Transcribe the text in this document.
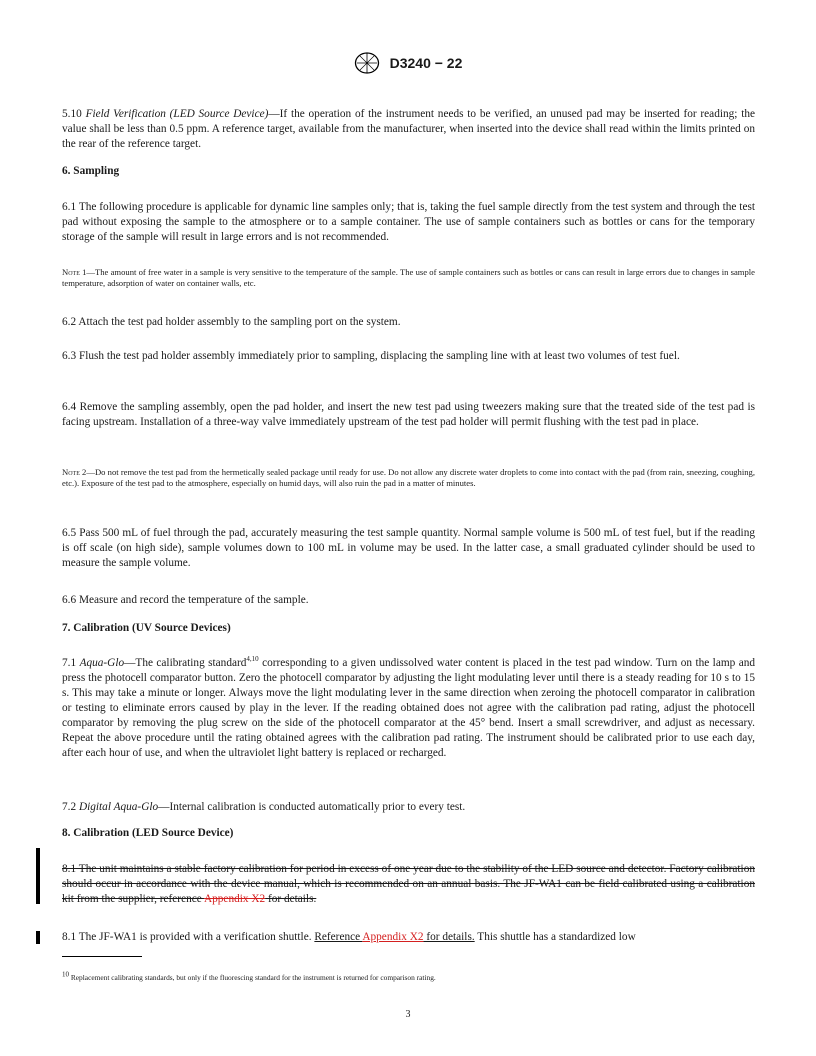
D3240 − 22

5.10 Field Verification (LED Source Device)—If the operation of the instrument needs to be verified, an unused pad may be inserted for reading; the value shall be less than 0.5 ppm. A reference target, available from the manufacturer, when inserted into the device shall read within the limits printed on the rear of the reference target.

6. Sampling

6.1 The following procedure is applicable for dynamic line samples only; that is, taking the fuel sample directly from the test system and through the test pad without exposing the sample to the atmosphere or to a sample container. The use of sample containers such as bottles or cans for the temporary storage of the sample will result in large errors and is not recommended.

Note 1—The amount of free water in a sample is very sensitive to the temperature of the sample. The use of sample containers such as bottles or cans can result in large errors due to changes in sample temperature, adsorption of water on container walls, etc.

6.2 Attach the test pad holder assembly to the sampling port on the system.

6.3 Flush the test pad holder assembly immediately prior to sampling, displacing the sampling line with at least two volumes of test fuel.

6.4 Remove the sampling assembly, open the pad holder, and insert the new test pad using tweezers making sure that the treated side of the test pad is facing upstream. Installation of a three-way valve immediately upstream of the test pad holder will permit flushing with the test pad in place.

Note 2—Do not remove the test pad from the hermetically sealed package until ready for use. Do not allow any discrete water droplets to come into contact with the pad (from rain, sneezing, coughing, etc.). Exposure of the test pad to the atmosphere, especially on humid days, will also ruin the pad in a matter of minutes.

6.5 Pass 500 mL of fuel through the pad, accurately measuring the test sample quantity. Normal sample volume is 500 mL of test fuel, but if the reading is off scale (on high side), sample volumes down to 100 mL in volume may be used. In the latter case, a small graduated cylinder should be used to measure the sample volume.

6.6 Measure and record the temperature of the sample.

7. Calibration (UV Source Devices)

7.1 Aqua-Glo—The calibrating standard$^{4,10}$ corresponding to a given undissolved water content is placed in the test pad window. Turn on the lamp and press the photocell comparator button. Zero the photocell comparator by adjusting the light modulating lever until there is a steady reading for 10 s to 15 s. This may take a minute or longer. Always move the light modulating lever in the same direction when zeroing the photocell comparator in calibration or testing to eliminate errors caused by play in the lever. If the reading obtained does not agree with the calibration pad rating, adjust the photocell comparator by removing the plug screw on the side of the photocell comparator at the 45° bend. Insert a small screwdriver, and adjust as necessary. Repeat the above procedure until the rating obtained agrees with the calibration pad rating. The instrument should be calibrated prior to use each day, after each hour of use, and when the ultraviolet light battery is replaced or recharged.

7.2 Digital Aqua-Glo—Internal calibration is conducted automatically prior to every test.

8. Calibration (LED Source Device)

8.1 The unit maintains a stable factory calibration for period in excess of one year due to the stability of the LED source and detector. Factory calibration should occur in accordance with the device manual, which is recommended on an annual basis. The JF-WA1 can be field calibrated using a calibration kit from the supplier, reference Appendix X2 for details.

8.1 The JF-WA1 is provided with a verification shuttle. Reference Appendix X2 for details. This shuttle has a standardized low

$^{10}$ Replacement calibrating standards, but only if the fluorescing standard for the instrument is returned for comparison rating.
3
